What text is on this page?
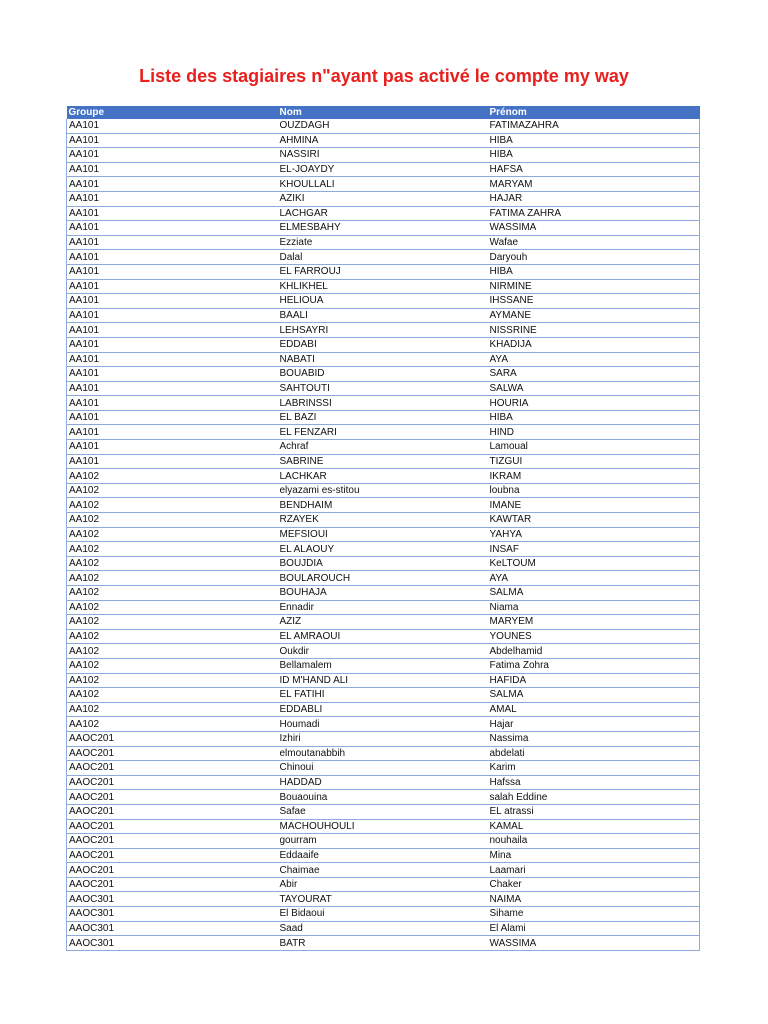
Liste des stagiaires n"ayant pas activé le compte my way
Groupe	Nom	Prénom
AA101	OUZDAGH	FATIMAZAHRA
AA101	AHMINA	HIBA
AA101	NASSIRI	HIBA
AA101	EL-JOAYDY	HAFSA
AA101	KHOULLALI	MARYAM
AA101	AZIKI	HAJAR
AA101	LACHGAR	FATIMA ZAHRA
AA101	ELMESBAHY	WASSIMA
AA101	Ezziate	Wafae
AA101	Dalal	Daryouh
AA101	EL FARROUJ	HIBA
AA101	KHLIKHEL	NIRMINE
AA101	HELIOUA	IHSSANE
AA101	BAALI	AYMANE
AA101	LEHSAYRI	NISSRINE
AA101	EDDABI	KHADIJA
AA101	NABATI	AYA
AA101	BOUABID	SARA
AA101	SAHTOUTI	SALWA
AA101	LABRINSSI	HOURIA
AA101	EL BAZI	HIBA
AA101	EL FENZARI	HIND
AA101	Achraf	Lamoual
AA101	SABRINE	TIZGUI
AA102	LACHKAR	IKRAM
AA102	elyazami es-stitou	loubna
AA102	BENDHAIM	IMANE
AA102	RZAYEK	KAWTAR
AA102	MEFSIOUI	YAHYA
AA102	EL ALAOUY	INSAF
AA102	BOUJDIA	KeLTOUM
AA102	BOULAROUCH	AYA
AA102	BOUHAJA	SALMA
AA102	Ennadir	Niama
AA102	AZIZ	MARYEM
AA102	EL AMRAOUI	YOUNES
AA102	Oukdir	Abdelhamid
AA102	Bellamalem	Fatima Zohra
AA102	ID M'HAND ALI	HAFIDA
AA102	EL FATIHI	SALMA
AA102	EDDABLI	AMAL
AA102	Houmadi	Hajar
AAOC201	Izhiri	Nassima
AAOC201	elmoutanabbih	abdelati
AAOC201	Chinoui	Karim
AAOC201	HADDAD	Hafssa
AAOC201	Bouaouina	salah Eddine
AAOC201	Safae	EL atrassi
AAOC201	MACHOUHOULI	KAMAL
AAOC201	gourram	nouhaila
AAOC201	Eddaaife	Mina
AAOC201	Chaimae	Laamari
AAOC201	Abir	Chaker
AAOC301	TAYOURAT	NAIMA
AAOC301	El Bidaoui	Sihame
AAOC301	Saad	El Alami
AAOC301	BATR	WASSIMA
